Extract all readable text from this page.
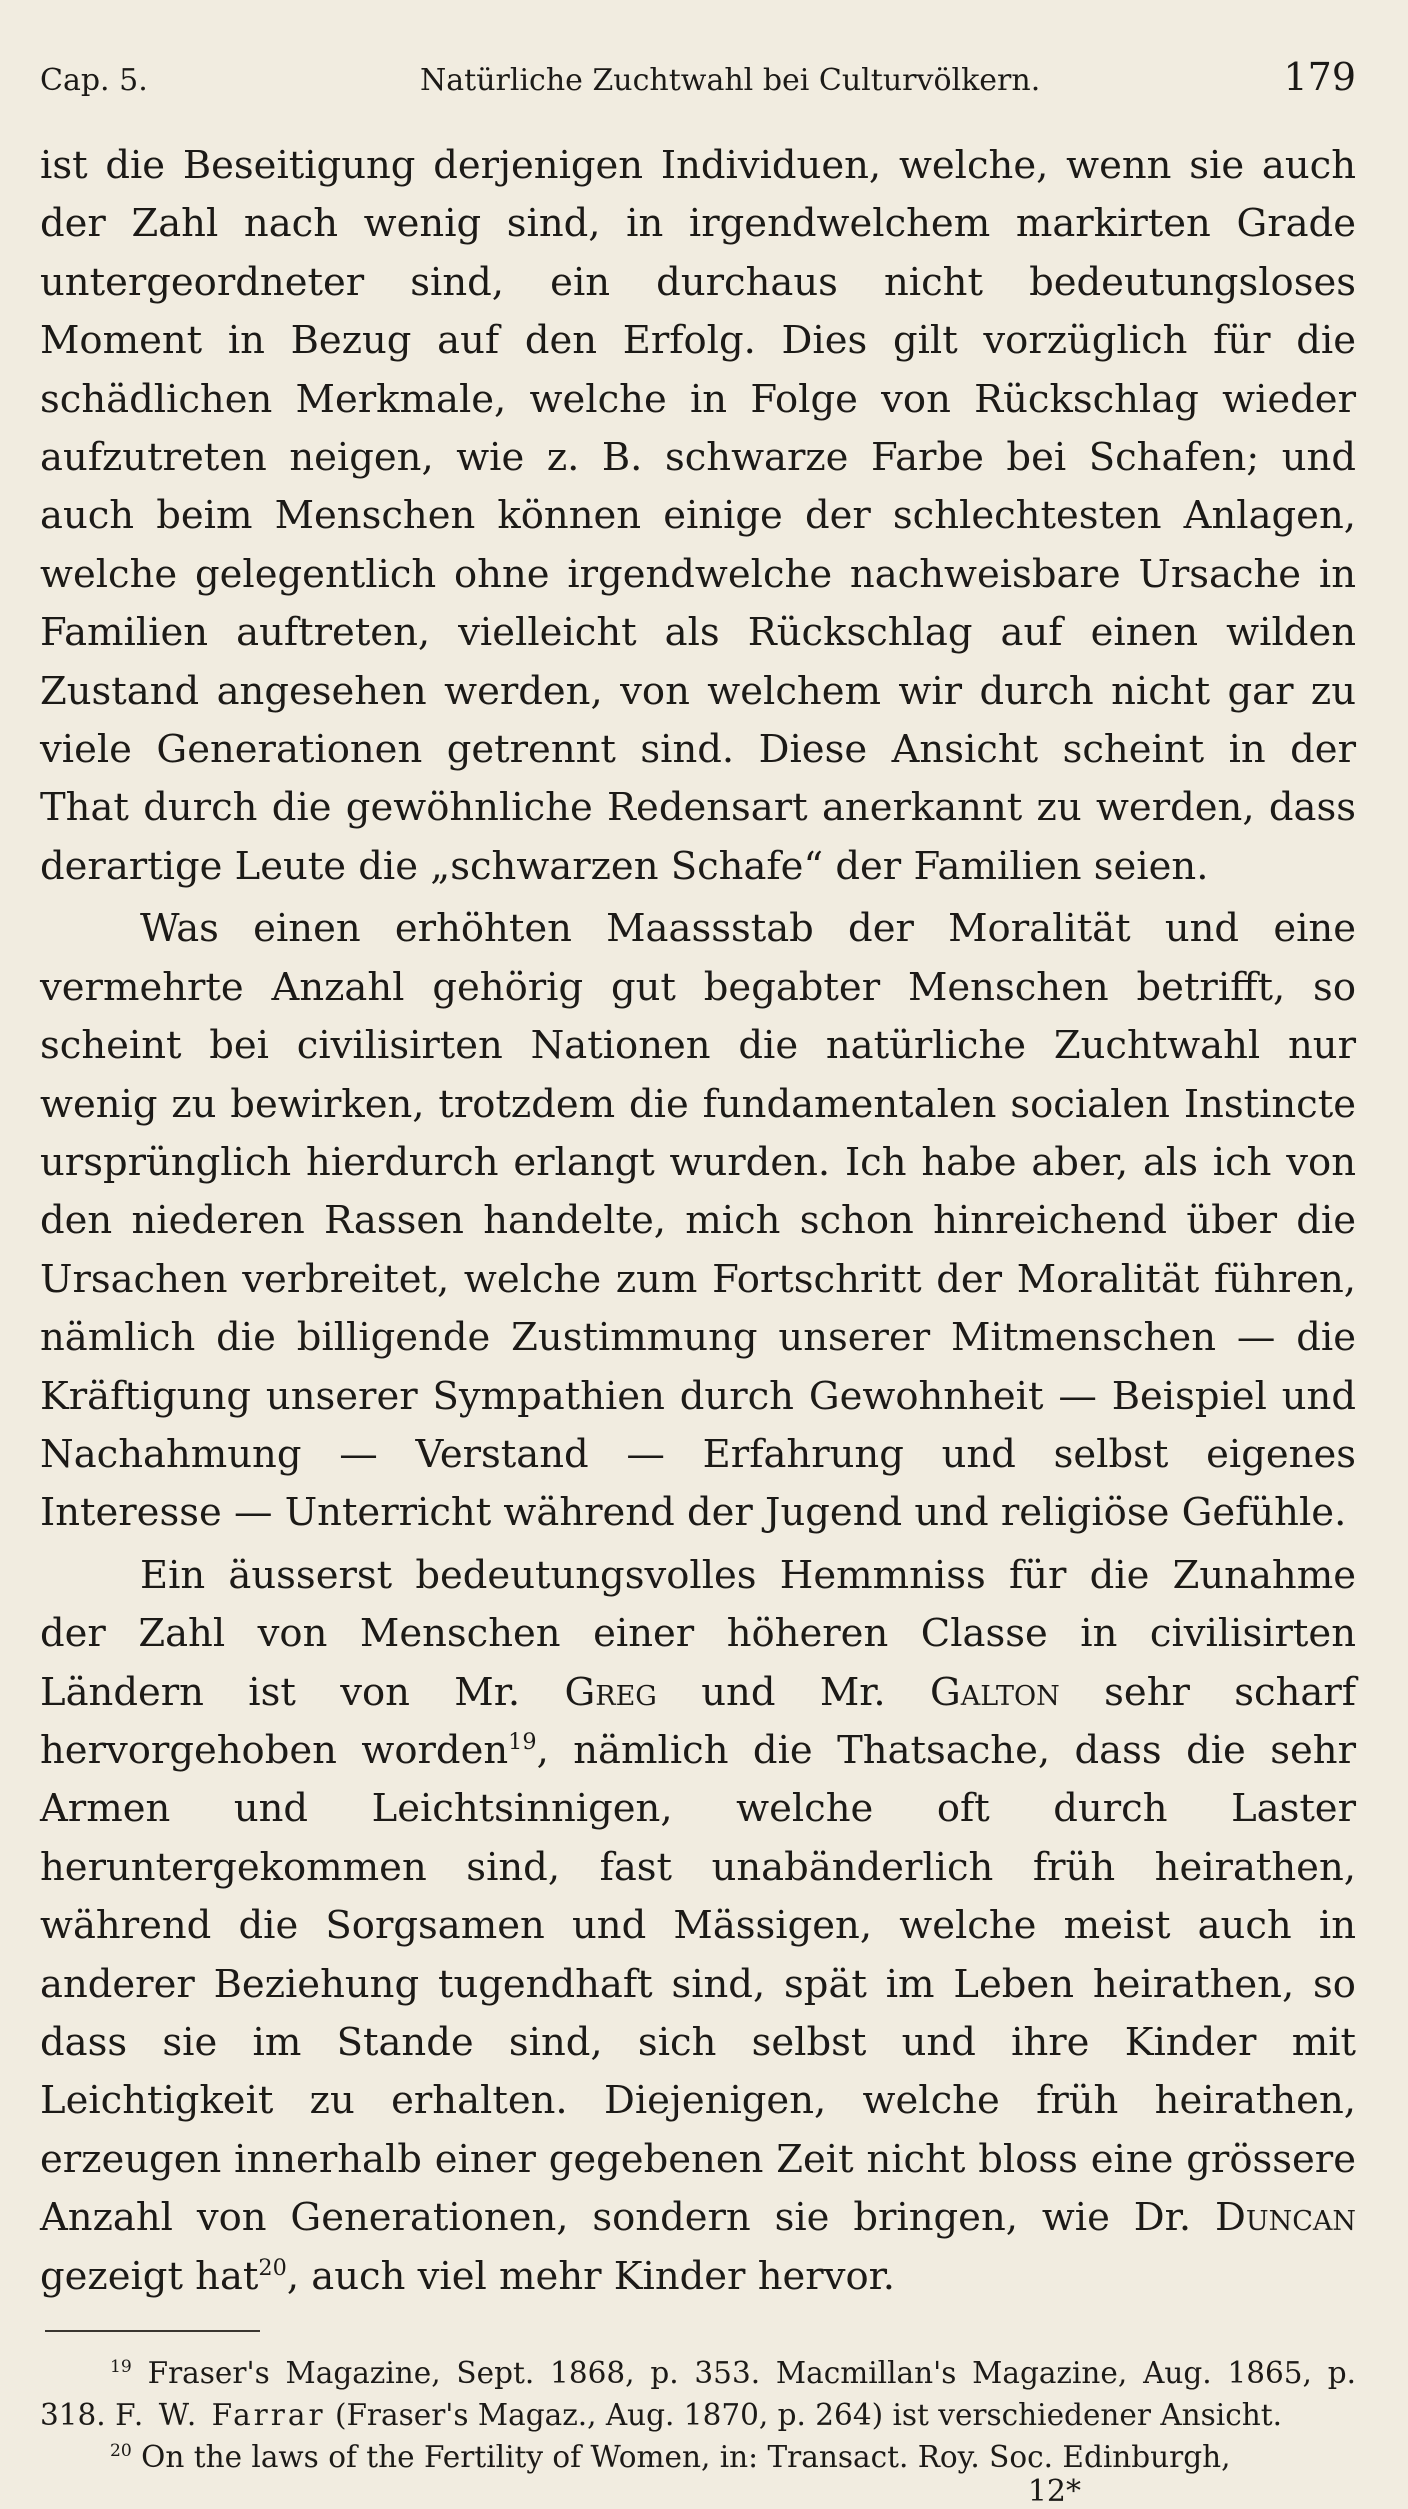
Cap. 5.	Natürliche Zuchtwahl bei Culturvölkern.	179

ist die Beseitigung derjenigen Individuen, welche, wenn sie auch der Zahl nach wenig sind, in irgendwelchem markirten Grade untergeordneter sind, ein durchaus nicht bedeutungsloses Moment in Bezug auf den Erfolg. Dies gilt vorzüglich für die schädlichen Merkmale, welche in Folge von Rückschlag wieder aufzutreten neigen, wie z. B. schwarze Farbe bei Schafen; und auch beim Menschen können einige der schlechtesten Anlagen, welche gelegentlich ohne irgendwelche nachweisbare Ursache in Familien auftreten, vielleicht als Rückschlag auf einen wilden Zustand angesehen werden, von welchem wir durch nicht gar zu viele Generationen getrennt sind. Diese Ansicht scheint in der That durch die gewöhnliche Redensart anerkannt zu werden, dass derartige Leute die „schwarzen Schafe“ der Familien seien.

Was einen erhöhten Maassstab der Moralität und eine vermehrte Anzahl gehörig gut begabter Menschen betrifft, so scheint bei civilisirten Nationen die natürliche Zuchtwahl nur wenig zu bewirken, trotzdem die fundamentalen socialen Instincte ursprünglich hierdurch erlangt wurden. Ich habe aber, als ich von den niederen Rassen handelte, mich schon hinreichend über die Ursachen verbreitet, welche zum Fortschritt der Moralität führen, nämlich die billigende Zustimmung unserer Mitmenschen — die Kräftigung unserer Sympathien durch Gewohnheit — Beispiel und Nachahmung — Verstand — Erfahrung und selbst eigenes Interesse — Unterricht während der Jugend und religiöse Gefühle.

Ein äusserst bedeutungsvolles Hemmniss für die Zunahme der Zahl von Menschen einer höheren Classe in civilisirten Ländern ist von Mr. Greg und Mr. Galton sehr scharf hervorgehoben worden$^{19}$, nämlich die Thatsache, dass die sehr Armen und Leichtsinnigen, welche oft durch Laster heruntergekommen sind, fast unabänderlich früh heirathen, während die Sorgsamen und Mässigen, welche meist auch in anderer Beziehung tugendhaft sind, spät im Leben heirathen, so dass sie im Stande sind, sich selbst und ihre Kinder mit Leichtigkeit zu erhalten. Diejenigen, welche früh heirathen, erzeugen innerhalb einer gegebenen Zeit nicht bloss eine grössere Anzahl von Generationen, sondern sie bringen, wie Dr. Duncan gezeigt hat$^{20}$, auch viel mehr Kinder hervor.

$^{19}$ Fraser's Magazine, Sept. 1868, p. 353. Macmillan's Magazine, Aug. 1865, p. 318. F. W. Farrar (Fraser's Magaz., Aug. 1870, p. 264) ist verschiedener Ansicht.

$^{20}$ On the laws of the Fertility of Women, in: Transact. Roy. Soc. Edinburgh,

12*
